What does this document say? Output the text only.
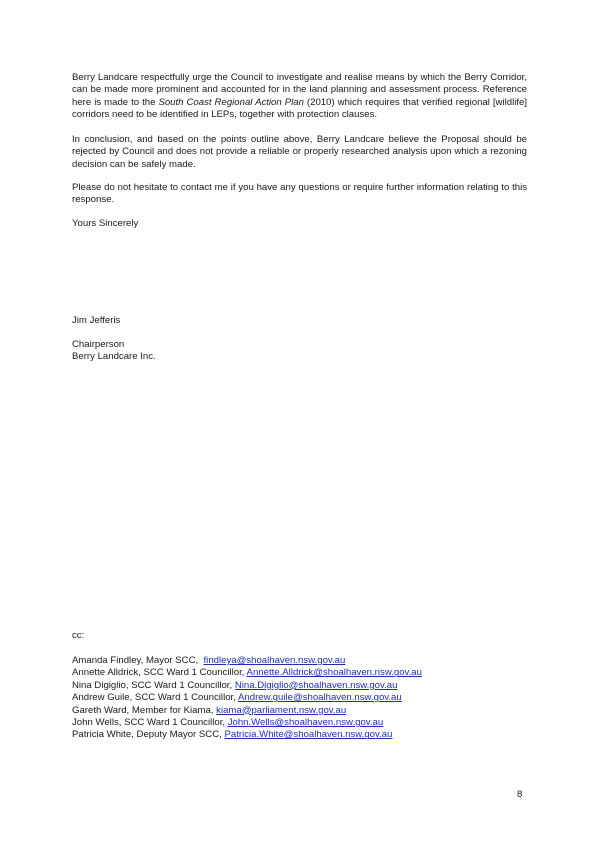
Berry Landcare respectfully urge the Council to investigate and realise means by which the Berry Corridor, can be made more prominent and accounted for in the land planning and assessment process. Reference here is made to the South Coast Regional Action Plan (2010) which requires that verified regional [wildlife] corridors need to be identified in LEPs, together with protection clauses.

In conclusion, and based on the points outline above, Berry Landcare believe the Proposal should be rejected by Council and does not provide a reliable or properly researched analysis upon which a rezoning decision can be safely made.

Please do not hesitate to contact me if you have any questions or require further information relating to this response.

Yours Sincerely
Jim Jefferis
Chairperson
Berry Landcare Inc.
cc:
Amanda Findley, Mayor SCC,  findleya@shoalhaven.nsw.gov.au
Annette Alldrick, SCC Ward 1 Councillor, Annette.Alldrick@shoalhaven.nsw.gov.au
Nina Digiglio, SCC Ward 1 Councillor, Nina.Digiglio@shoalhaven.nsw.gov.au
Andrew Guile, SCC Ward 1 Councillor, Andrew.guile@shoalhaven.nsw.gov.au
Gareth Ward, Member for Kiama, kiama@parliament.nsw.gov.au
John Wells, SCC Ward 1 Councillor, John.Wells@shoalhaven.nsw.gov.au
Patricia White, Deputy Mayor SCC, Patricia.White@shoalhaven.nsw.gov.au
8
